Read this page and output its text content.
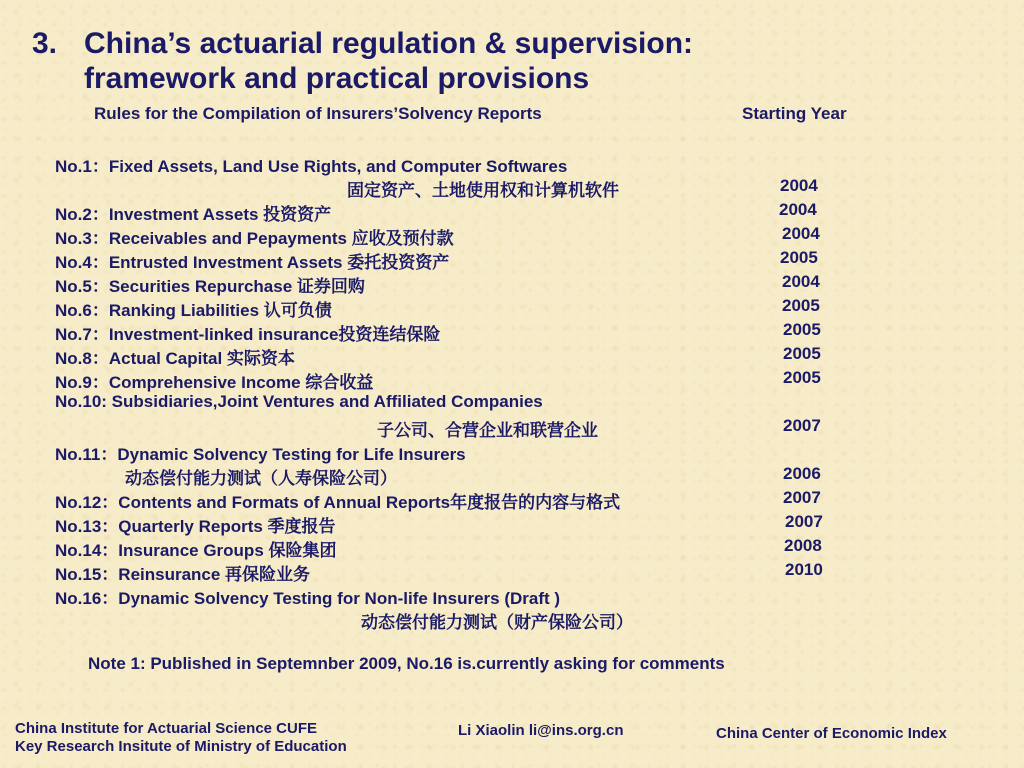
3. China’s actuarial regulation & supervision:
framework and practical provisions
Rules for the Compilation of Insurers’Solvency Reports	Starting Year
No.1：Fixed Assets, Land Use Rights, and Computer Softwares
固定资产、土地使用权和计算机软件	2004
No.2：Investment Assets 投资资产	2004
No.3：Receivables and Pepayments 应收及预付款	2004
No.4：Entrusted Investment Assets 委托投资资产	2005
No.5：Securities Repurchase 证券回购	2004
No.6：Ranking Liabilities 认可负债	2005
No.7：Investment-linked insurance投资连结保险	2005
No.8：Actual Capital 实际资本	2005
No.9：Comprehensive Income 综合收益	2005
No.10: Subsidiaries,Joint Ventures and Affiliated Companies
子公司、合营企业和联营企业	2007
No.11：Dynamic Solvency Testing for Life Insurers
动态偿付能力测试（人寿保险公司）	2006
No.12：Contents and Formats of Annual Reports年度报告的内容与格式	2007
No.13：Quarterly Reports 季度报告	2007
No.14：Insurance Groups 保险集团	2008
No.15：Reinsurance 再保险业务	2010
No.16：Dynamic Solvency Testing for Non-life Insurers (Draft )
动态偿付能力测试（财产保险公司）
Note 1: Published in Septemnber 2009, No.16 is.currently asking for comments
China Institute for Actuarial Science CUFE
Key Research Insitute of Ministry of Education
Li Xiaolin li@ins.org.cn	China Center of Economic Index
